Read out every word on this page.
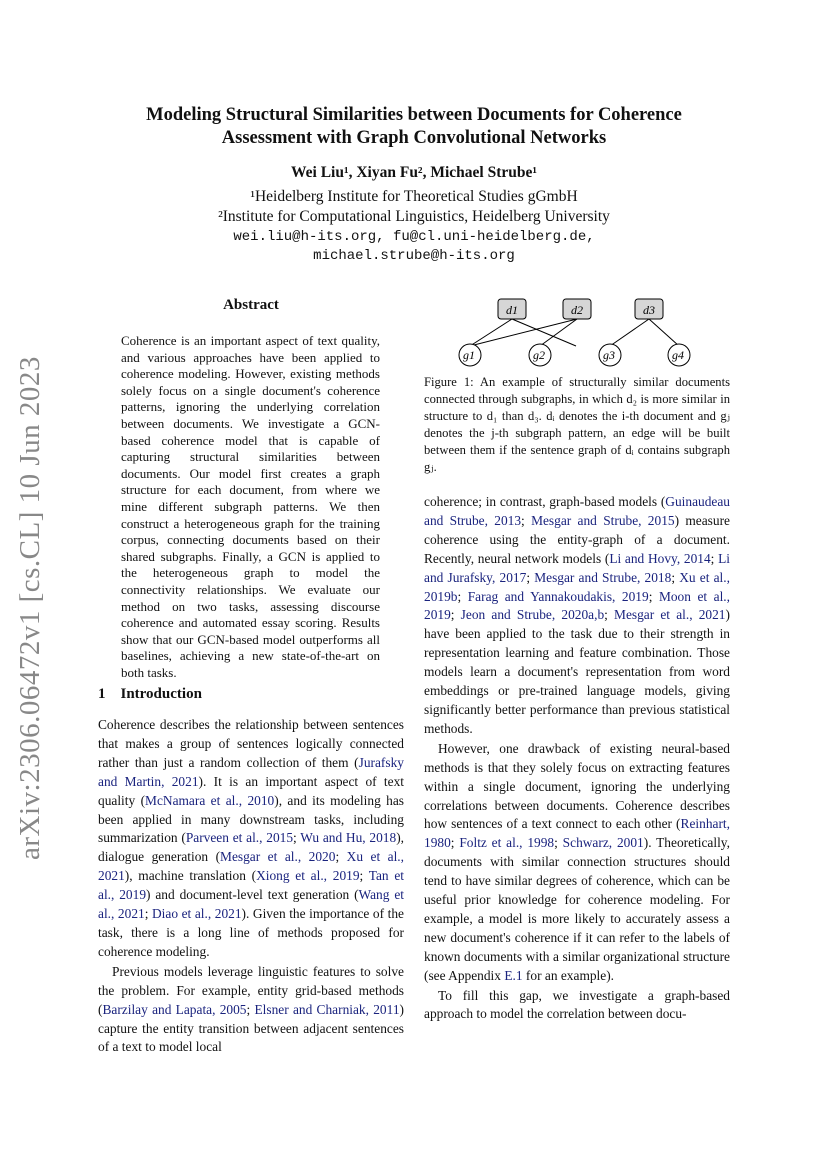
arXiv:2306.06472v1 [cs.CL] 10 Jun 2023
Modeling Structural Similarities between Documents for Coherence
Assessment with Graph Convolutional Networks
Wei Liu¹, Xiyan Fu², Michael Strube¹
¹Heidelberg Institute for Theoretical Studies gGmbH
²Institute for Computational Linguistics, Heidelberg University
wei.liu@h-its.org, fu@cl.uni-heidelberg.de,
michael.strube@h-its.org
Abstract
Coherence is an important aspect of text quality, and various approaches have been applied to coherence modeling. However, existing methods solely focus on a single document's coherence patterns, ignoring the underlying correlation between documents. We investigate a GCN-based coherence model that is capable of capturing structural similarities between documents. Our model first creates a graph structure for each document, from where we mine different subgraph patterns. We then construct a heterogeneous graph for the training corpus, connecting documents based on their shared subgraphs. Finally, a GCN is applied to the heterogeneous graph to model the connectivity relationships. We evaluate our method on two tasks, assessing discourse coherence and automated essay scoring. Results show that our GCN-based model outperforms all baselines, achieving a new state-of-the-art on both tasks.
1 Introduction

Coherence describes the relationship between sentences that makes a group of sentences logically connected rather than just a random collection of them (Jurafsky and Martin, 2021). It is an important aspect of text quality (McNamara et al., 2010), and its modeling has been applied in many downstream tasks, including summarization (Parveen et al., 2015; Wu and Hu, 2018), dialogue generation (Mesgar et al., 2020; Xu et al., 2021), machine translation (Xiong et al., 2019; Tan et al., 2019) and document-level text generation (Wang et al., 2021; Diao et al., 2021). Given the importance of the task, there is a long line of methods proposed for coherence modeling.

Previous models leverage linguistic features to solve the problem. For example, entity grid-based methods (Barzilay and Lapata, 2005; Elsner and Charniak, 2011) capture the entity transition between adjacent sentences of a text to model local

d1	d2	d3
g1	g2	g3	g4
Figure 1: An example of structurally similar documents connected through subgraphs, in which d₂ is more similar in structure to d₁ than d₃. dᵢ denotes the i-th document and gⱼ denotes the j-th subgraph pattern, an edge will be built between them if the sentence graph of dᵢ contains subgraph gⱼ.

coherence; in contrast, graph-based models (Guinaudeau and Strube, 2013; Mesgar and Strube, 2015) measure coherence using the entity-graph of a document. Recently, neural network models (Li and Hovy, 2014; Li and Jurafsky, 2017; Mesgar and Strube, 2018; Xu et al., 2019b; Farag and Yannakoudakis, 2019; Moon et al., 2019; Jeon and Strube, 2020a,b; Mesgar et al., 2021) have been applied to the task due to their strength in representation learning and feature combination. Those models learn a document's representation from word embeddings or pre-trained language models, giving significantly better performance than previous statistical methods.

However, one drawback of existing neural-based methods is that they solely focus on extracting features within a single document, ignoring the underlying correlations between documents. Coherence describes how sentences of a text connect to each other (Reinhart, 1980; Foltz et al., 1998; Schwarz, 2001). Theoretically, documents with similar connection structures should tend to have similar degrees of coherence, which can be useful prior knowledge for coherence modeling. For example, a model is more likely to accurately assess a new document's coherence if it can refer to the labels of known documents with a similar organizational structure (see Appendix E.1 for an example).

To fill this gap, we investigate a graph-based approach to model the correlation between docu-
